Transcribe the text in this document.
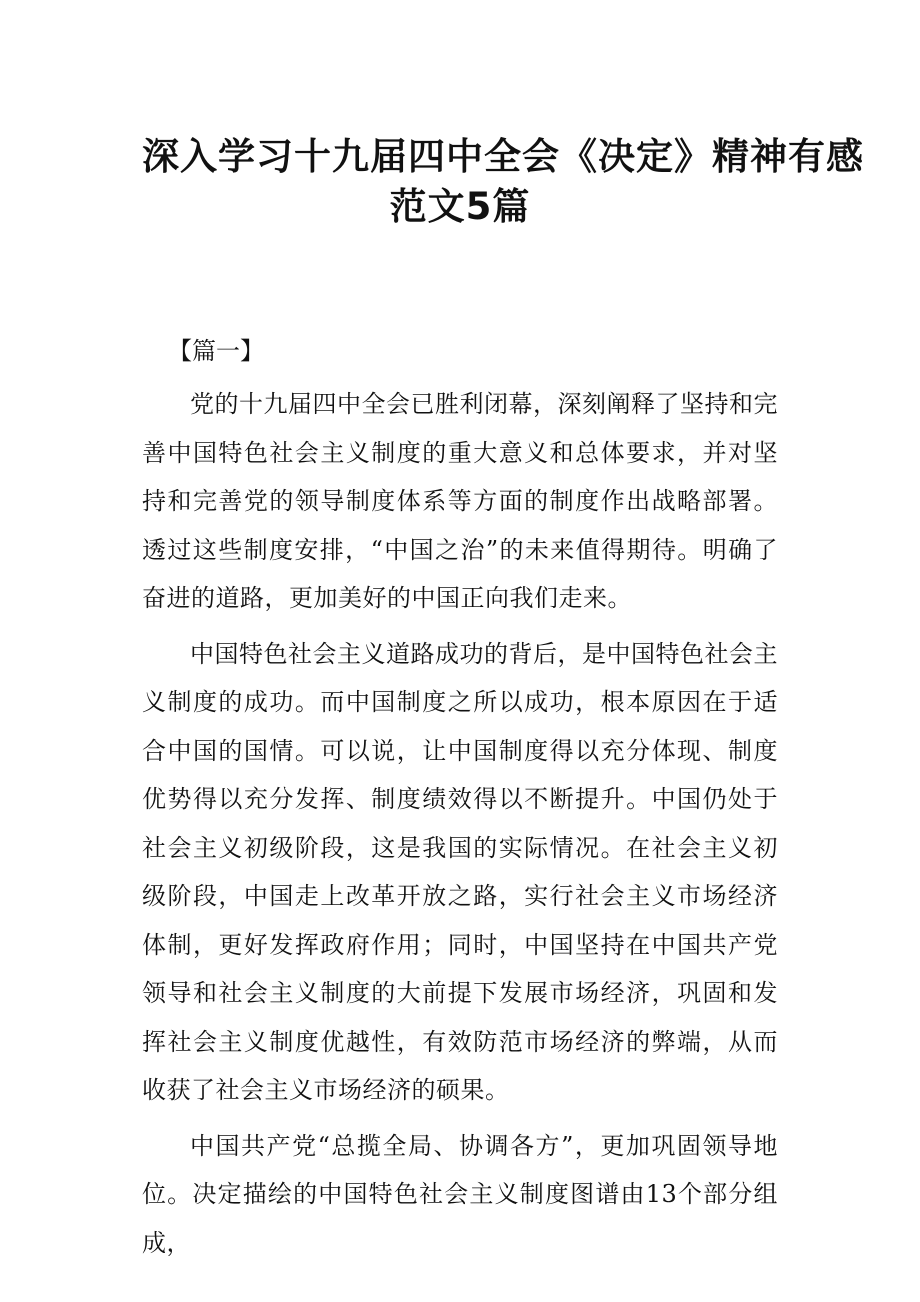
深入学习十九届四中全会《决定》精神有感
范文5篇
【篇一】

党的十九届四中全会已胜利闭幕，深刻阐释了坚持和完善中国特色社会主义制度的重大意义和总体要求，并对坚持和完善党的领导制度体系等方面的制度作出战略部署。透过这些制度安排，“中国之治”的未来值得期待。明确了奋进的道路，更加美好的中国正向我们走来。

中国特色社会主义道路成功的背后，是中国特色社会主义制度的成功。而中国制度之所以成功，根本原因在于适合中国的国情。可以说，让中国制度得以充分体现、制度优势得以充分发挥、制度绩效得以不断提升。中国仍处于社会主义初级阶段，这是我国的实际情况。在社会主义初级阶段，中国走上改革开放之路，实行社会主义市场经济体制，更好发挥政府作用；同时，中国坚持在中国共产党领导和社会主义制度的大前提下发展市场经济，巩固和发挥社会主义制度优越性，有效防范市场经济的弊端，从而收获了社会主义市场经济的硕果。

中国共产党“总揽全局、协调各方”，更加巩固领导地位。决定描绘的中国特色社会主义制度图谱由13个部分组成，
